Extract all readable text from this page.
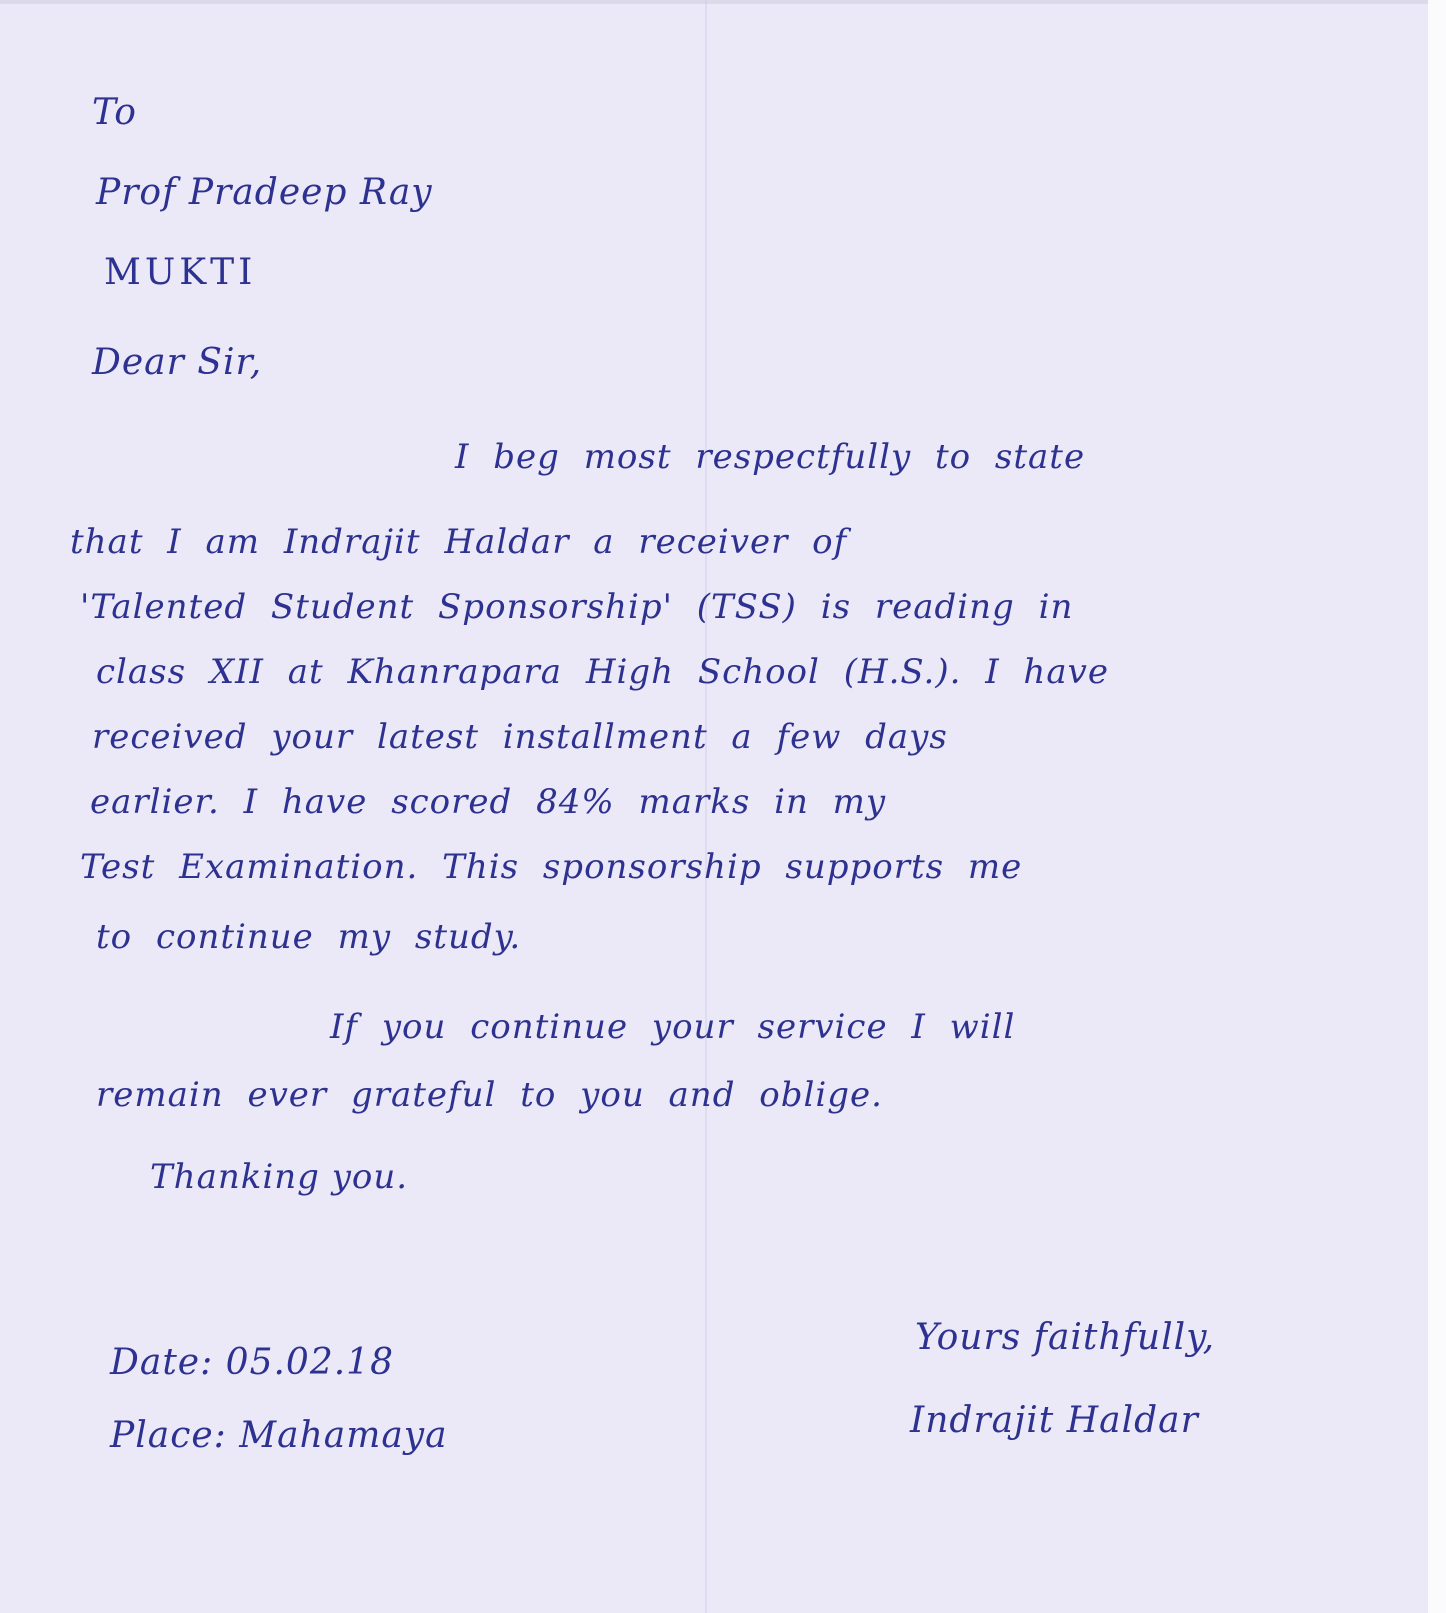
To
Prof Pradeep Ray
MUKTI
Dear Sir,
I beg most respectfully to state
that I am Indrajit Haldar a receiver of
'Talented Student Sponsorship' (TSS) is reading in
class XII at Khanrapara High School (H.S.). I have
received your latest installment a few days
earlier. I have scored 84% marks in my
Test Examination. This sponsorship supports me
to continue my study.
If you continue your service I will
remain ever grateful to you and oblige.
Thanking you.
Date: 05.02.18
Place: Mahamaya
Yours faithfully,
Indrajit Haldar
